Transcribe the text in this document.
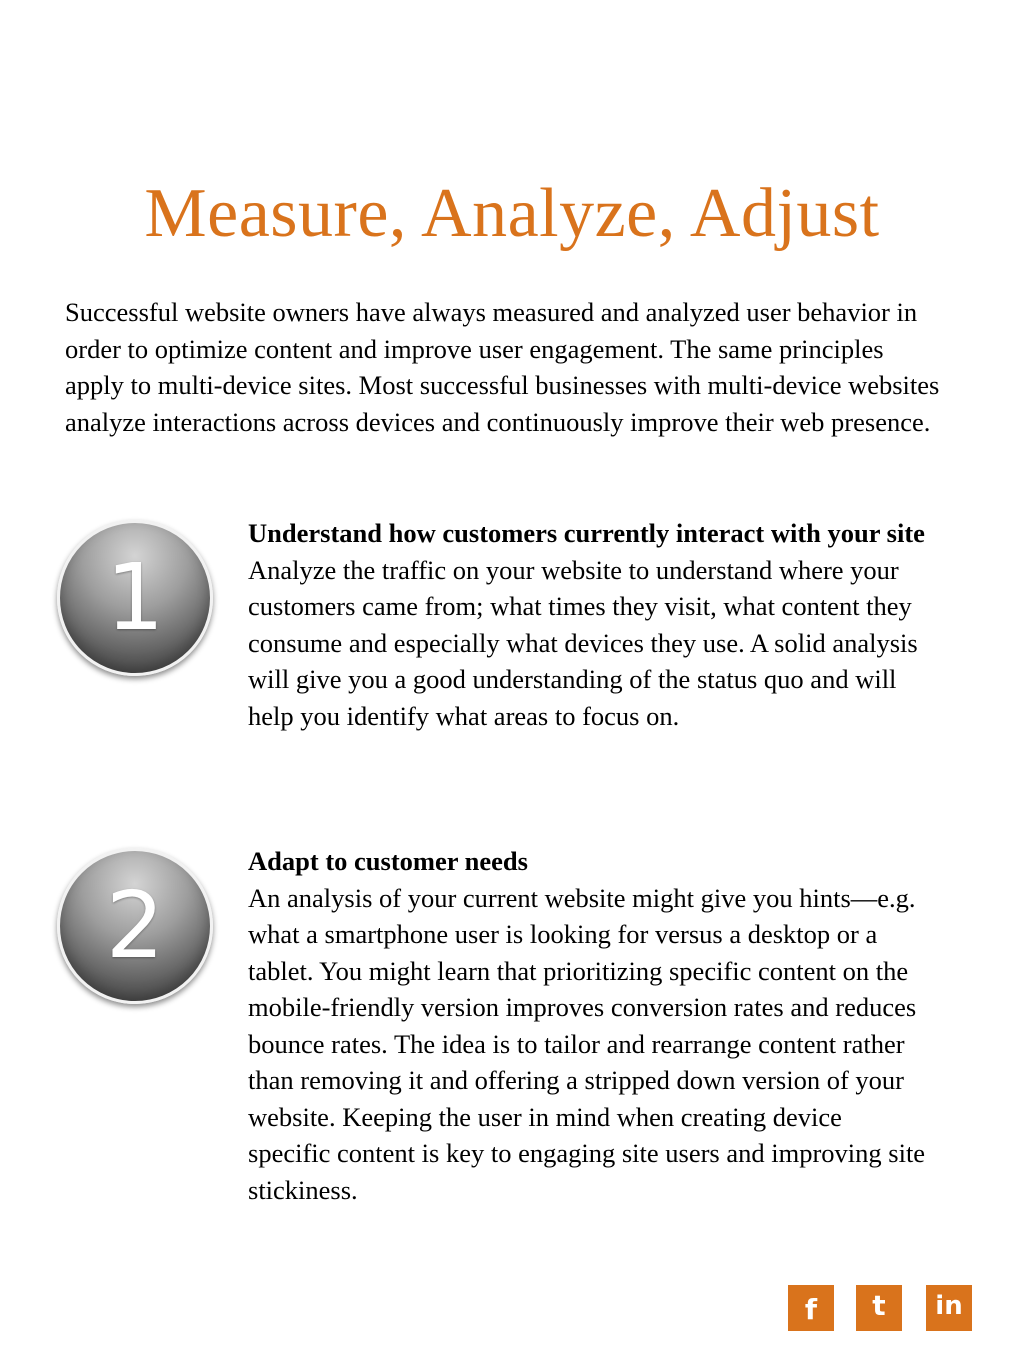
Measure, Analyze, Adjust

Successful website owners have always measured and analyzed user behavior in order to optimize content and improve user engagement. The same principles apply to multi-device sites. Most successful businesses with multi-device websites analyze interactions across devices and continuously improve their web presence.

1

Understand how customers currently interact with your site

Analyze the traffic on your website to understand where your customers came from; what times they visit, what content they consume and especially what devices they use. A solid analysis will give you a good understanding of the status quo and will help you identify what areas to focus on.

2

Adapt to customer needs

An analysis of your current website might give you hints—e.g. what a smartphone user is looking for versus a desktop or a tablet. You might learn that prioritizing specific content on the mobile-friendly version improves conversion rates and reduces bounce rates. The idea is to tailor and rearrange content rather than removing it and offering a stripped down version of your website. Keeping the user in mind when creating device specific content is key to engaging site users and improving site stickiness.

f	t	in
